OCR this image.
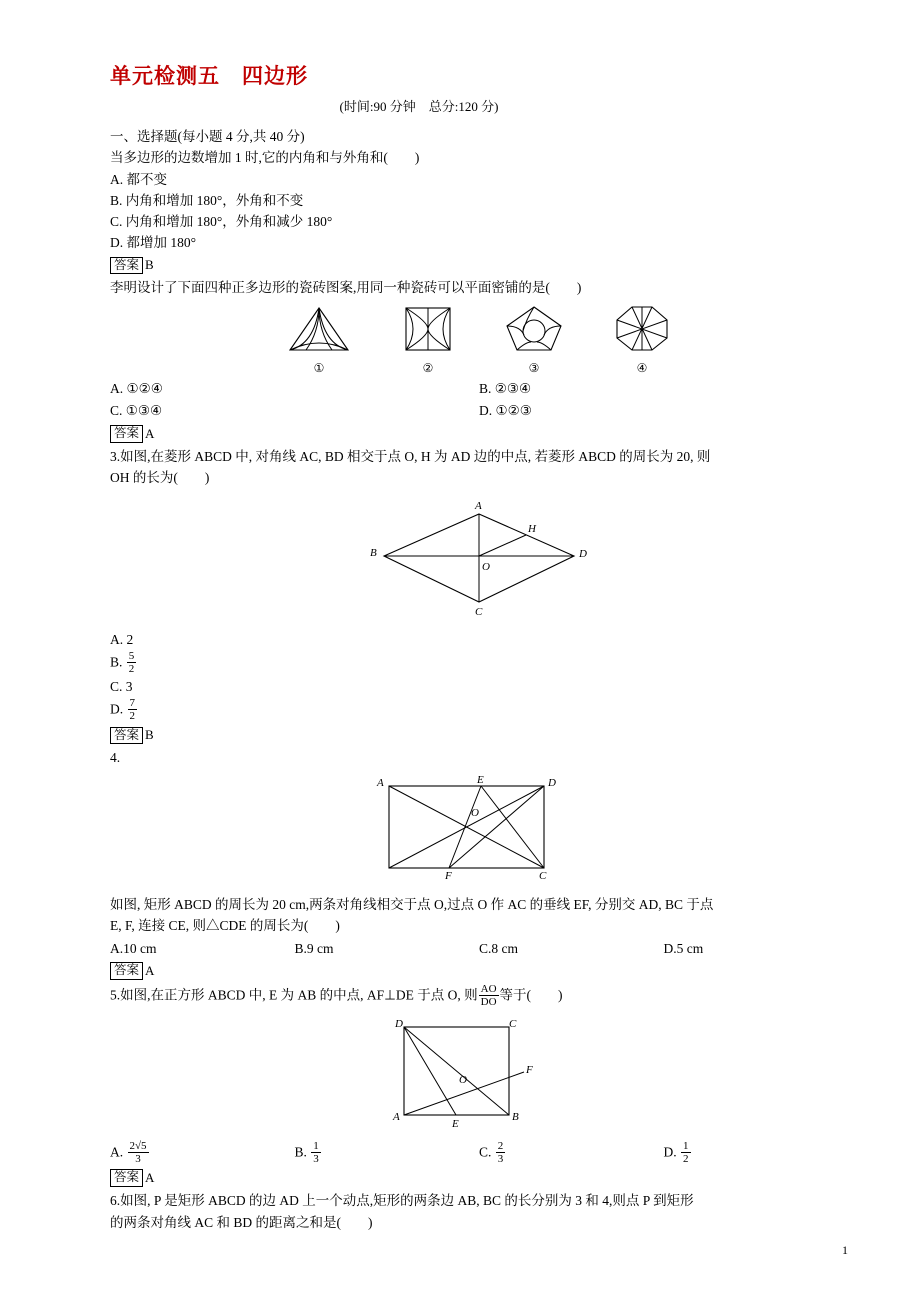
单元检测五　四边形
(时间:90 分钟　总分:120 分)
一、选择题(每小题 4 分,共 40 分)
当多边形的边数增加 1 时,它的内角和与外角和(　　)
A. 都不变
B. 内角和增加 180°，外角和不变
C. 内角和增加 180°，外角和减少 180°
D. 都增加 180°
答案 B
李明设计了下面四种正多边形的瓷砖图案,用同一种瓷砖可以平面密铺的是(　　)
①	②	③	④
A. ①②④	B. ②③④
C. ①③④	D. ①②③
答案 A
3.如图,在菱形 ABCD 中, 对角线 AC, BD 相交于点 O, H 为 AD 边的中点, 若菱形 ABCD 的周长为 20, 则
OH 的长为(　　)
A
H
B
O
D
C
A. 2
B. $\frac{5}{2}$
C. 3
D. $\frac{7}{2}$
答案 B
4.
A	E	D
O
F	C
如图, 矩形 ABCD 的周长为 20 cm,两条对角线相交于点 O,过点 O 作 AC 的垂线 EF, 分别交 AD, BC 于点
E, F, 连接 CE, 则△CDE 的周长为(　　)
A.10 cm	B.9 cm	C.8 cm	D.5 cm
答案 A
5.如图,在正方形 ABCD 中, E 为 AB 的中点, AF⊥DE 于点 O, 则 $\frac{AO}{DO}$ 等于(　　)
D	C
F
O
A
E
B
A. $\frac{2√5}{3}$	B. $\frac{1}{3}$	C. $\frac{2}{3}$	D. $\frac{1}{2}$
答案 A
6.如图, P 是矩形 ABCD 的边 AD 上一个动点,矩形的两条边 AB, BC 的长分别为 3 和 4,则点 P 到矩形
的两条对角线 AC 和 BD 的距离之和是(　　)
1
